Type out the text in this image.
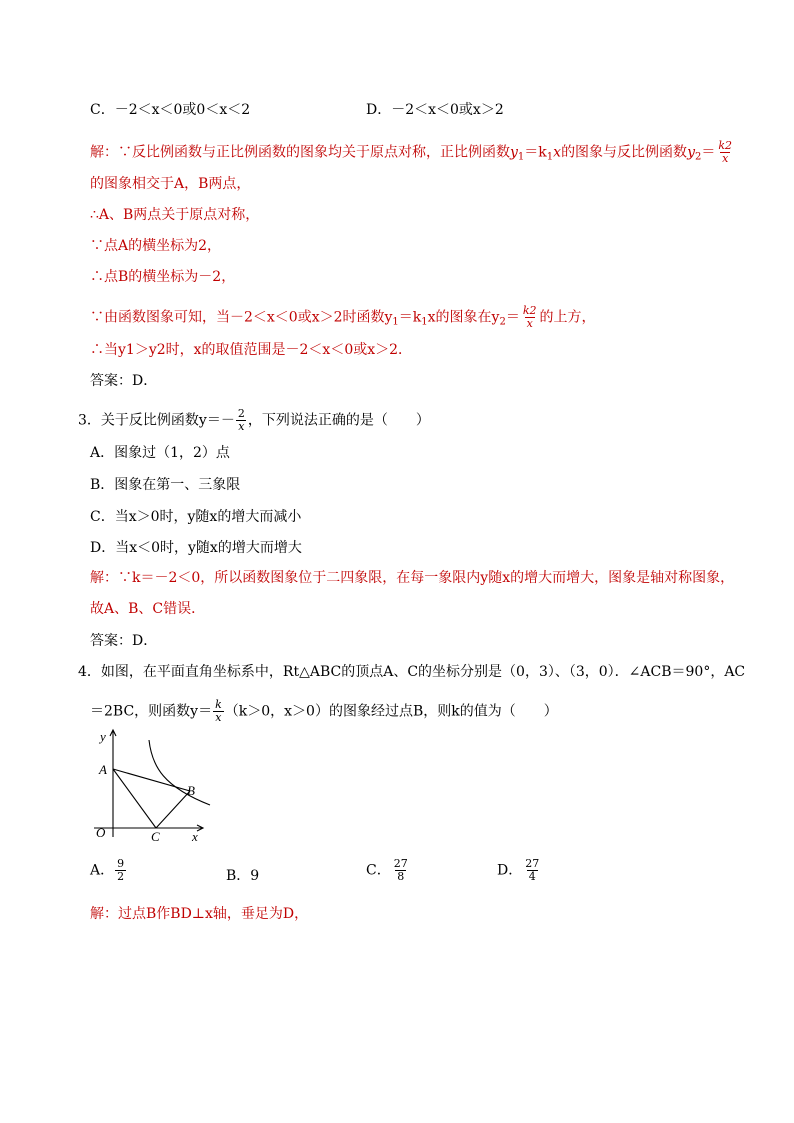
C．－2＜x＜0或0＜x＜2	D．－2＜x＜0或x＞2
解：∵反比例函数与正比例函数的图象均关于原点对称，正比例函数$y_1=k_1x$的图象与反比例函数$y_2= \frac{k2}{x}$
的图象相交于A，B两点，
∴A、B两点关于原点对称，
∵点A的横坐标为2，
∴点B的横坐标为－2，
∵由函数图象可知，当－2＜x＜0或x＞2时函数$y_1=k_1x$的图象在$y_2= \frac{k2}{x}$ 的上方，
∴当y1＞y2时，x的取值范围是－2＜x＜0或x＞2．
答案：D．
3．关于反比例函数$y=- \frac{2}{x}$ ，下列说法正确的是（　　）
A．图象过（1，2）点
B．图象在第一、三象限
C．当x＞0时，y随x的增大而减小
D．当x＜0时，y随x的增大而增大
解：∵k＝－2＜0，所以函数图象位于二四象限，在每一象限内y随x的增大而增大，图象是轴对称图象，
故A、B、C错误．
答案：D．
4．如图，在平面直角坐标系中，Rt△ABC的顶点A、C的坐标分别是（0，3）、（3，0）．∠ACB＝90°，AC
＝2BC，则函数$y= \frac{k}{x} (k>0$，x＞0）的图象经过点B，则k的值为（　　）
y
x
A
B
C
O
A． $\frac{9}{2}$	B．9	C． $\frac{27}{8}$	D． $\frac{27}{4}$
解：过点B作BD⊥x轴，垂足为D，
